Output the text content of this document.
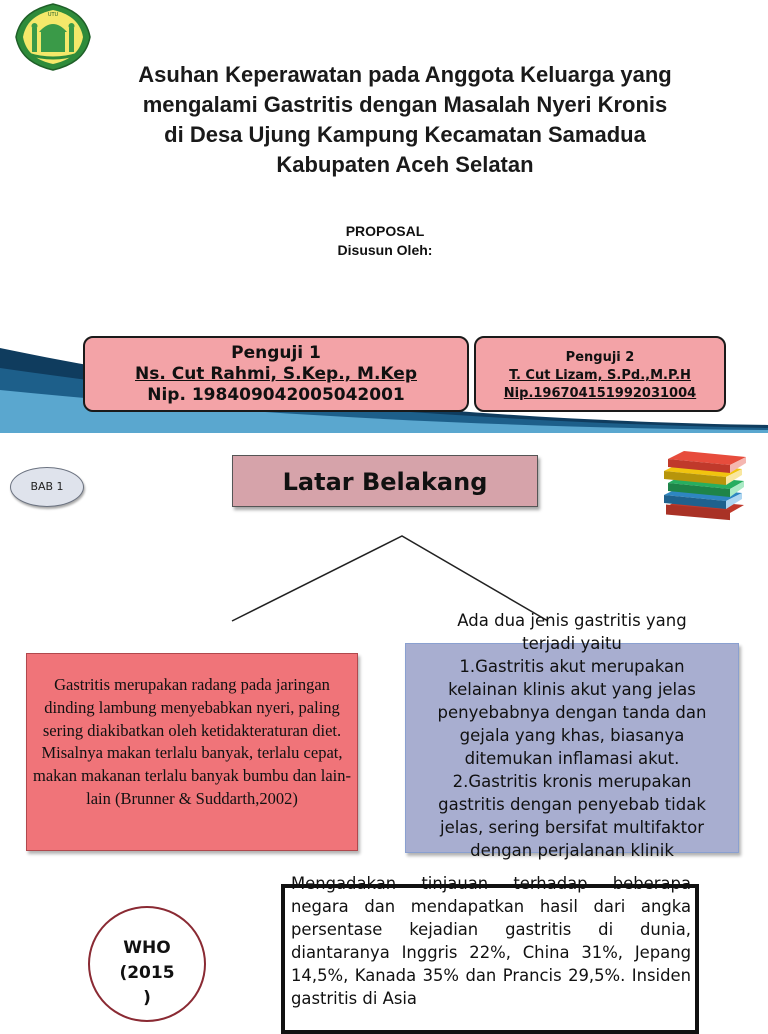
UTU
Asuhan Keperawatan pada Anggota Keluarga yang
mengalami Gastritis dengan Masalah Nyeri Kronis
di Desa Ujung Kampung Kecamatan Samadua
Kabupaten Aceh Selatan
PROPOSAL
Disusun Oleh:
Penguji 1
Ns. Cut Rahmi, S.Kep., M.Kep
Nip. 198409042005042001
Penguji 2
T. Cut Lizam, S.Pd.,M.P.H
Nip.196704151992031004
BAB 1	Latar Belakang
Gastritis merupakan radang pada jaringan dinding lambung menyebabkan nyeri, paling sering diakibatkan oleh ketidakteraturan diet. Misalnya makan terlalu banyak, terlalu cepat, makan makanan terlalu banyak bumbu dan lain-lain (Brunner & Suddarth,2002)
Ada dua jenis gastritis yang
terjadi yaitu
1.Gastritis akut merupakan
kelainan klinis akut yang jelas
penyebabnya dengan tanda dan
gejala yang khas, biasanya
ditemukan inflamasi akut.
2.Gastritis kronis merupakan
gastritis dengan penyebab tidak
jelas, sering bersifat multifaktor
dengan perjalanan klinik
WHO
(2015
)
Mengadakan tinjauan terhadap beberapa negara dan mendapatkan hasil dari angka persentase kejadian gastritis di dunia, diantaranya Inggris 22%, China 31%, Jepang 14,5%, Kanada 35% dan Prancis 29,5%. Insiden gastritis di Asia
